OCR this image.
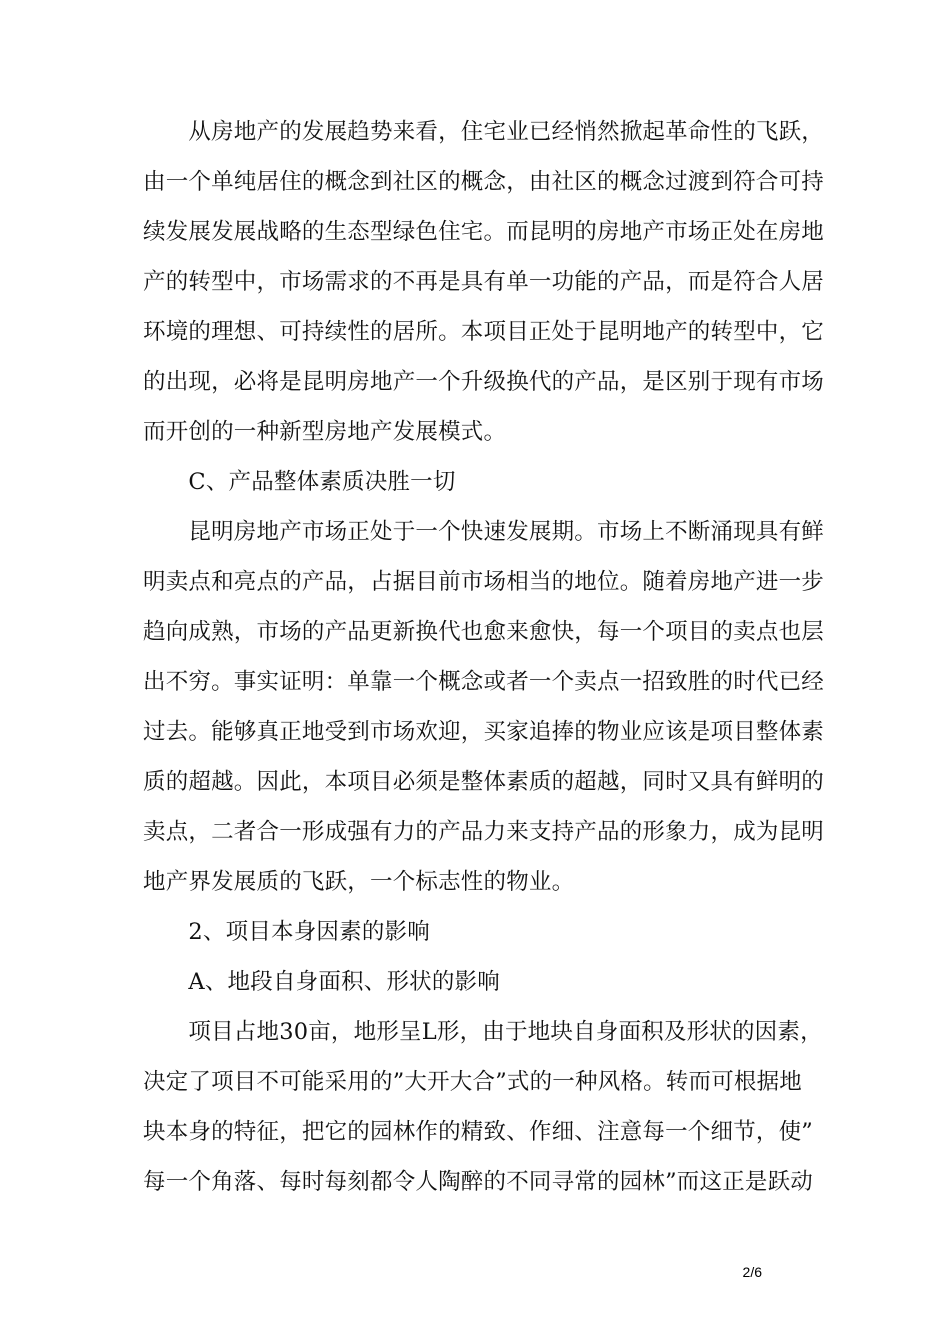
　　从房地产的发展趋势来看，住宅业已经悄然掀起革命性的飞跃，
由一个单纯居住的概念到社区的概念，由社区的概念过渡到符合可持
续发展发展战略的生态型绿色住宅。而昆明的房地产市场正处在房地
产的转型中，市场需求的不再是具有单一功能的产品，而是符合人居
环境的理想、可持续性的居所。本项目正处于昆明地产的转型中，它
的出现，必将是昆明房地产一个升级换代的产品，是区别于现有市场
而开创的一种新型房地产发展模式。
　　C、产品整体素质决胜一切
　　昆明房地产市场正处于一个快速发展期。市场上不断涌现具有鲜
明卖点和亮点的产品，占据目前市场相当的地位。随着房地产进一步
趋向成熟，市场的产品更新换代也愈来愈快，每一个项目的卖点也层
出不穷。事实证明：单靠一个概念或者一个卖点一招致胜的时代已经
过去。能够真正地受到市场欢迎，买家追捧的物业应该是项目整体素
质的超越。因此，本项目必须是整体素质的超越，同时又具有鲜明的
卖点，二者合一形成强有力的产品力来支持产品的形象力，成为昆明
地产界发展质的飞跃，一个标志性的物业。
　　2、项目本身因素的影响
　　A、地段自身面积、形状的影响
　　项目占地30亩，地形呈L形，由于地块自身面积及形状的因素，
决定了项目不可能采用的”大开大合”式的一种风格。转而可根据地
块本身的特征，把它的园林作的精致、作细、注意每一个细节，使”
每一个角落、每时每刻都令人陶醉的不同寻常的园林”而这正是跃动
2/6
